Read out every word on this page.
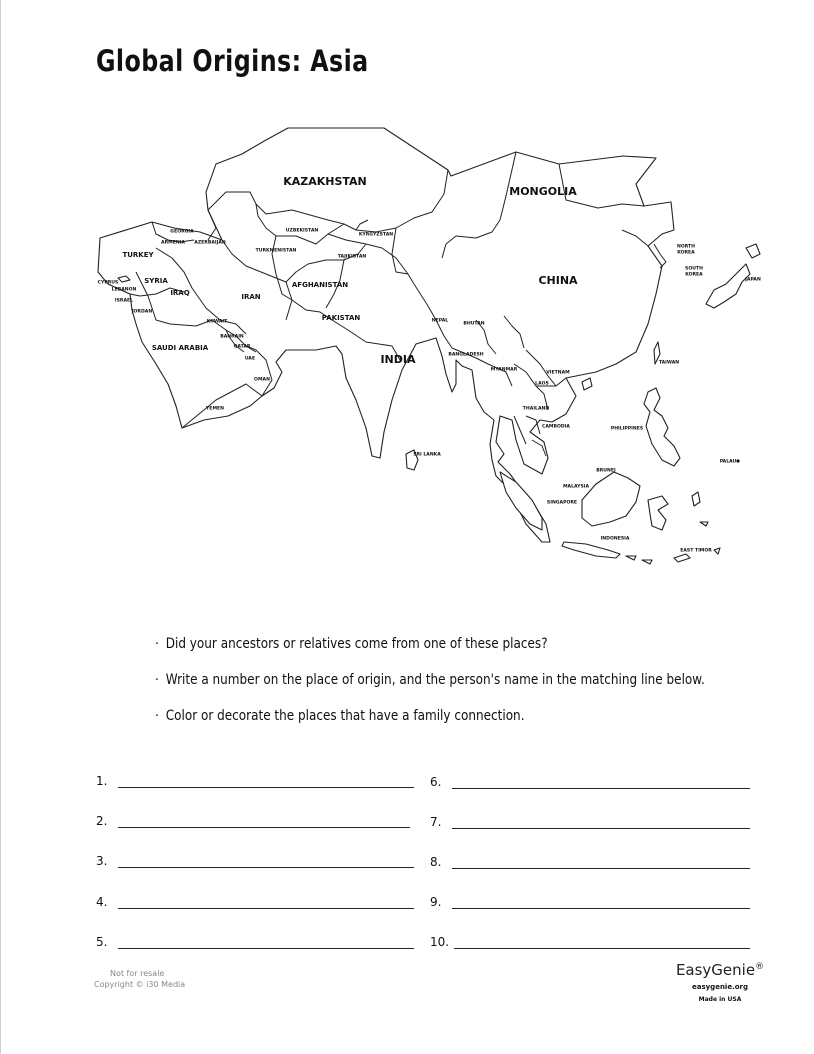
Global Origins: Asia
KAZAKHSTAN
MONGOLIA
CHINA
INDIA
IRAN
AFGHANISTAN
PAKISTAN
TURKEY
IRAQ
SYRIA
SAUDI ARABIA
YEMEN
OMAN
UAE
QATAR
BAHRAIN
KUWAIT
JORDAN
ISRAEL
LEBANON
CYPRUS
GEORGIA
ARMENIA AZERBAIJAN
TURKMENISTAN
UZBEKISTAN
KYRGYZSTAN
TAJIKISTAN
NEPAL
BHUTAN
BANGLADESH
MYANMAR
LAOS
VIETNAM
THAILAND
CAMBODIA
SRI LANKA
MALAYSIA
SINGAPORE
BRUNEI
INDONESIA
PHILIPPINES
TAIWAN
NORTH
KOREA
SOUTH
KOREA
JAPAN
PALAU
EAST TIMOR
· Did your ancestors or relatives come from one of these places?
· Write a number on the place of origin, and the person's name in the matching line below.
· Color or decorate the places that have a family connection.
1.
2.
3.
4.
5.
6.
7.
8.
9.
10.
Not for resale
Copyright © i30 Media
EasyGenie®
easygenie.org
Made in USA
